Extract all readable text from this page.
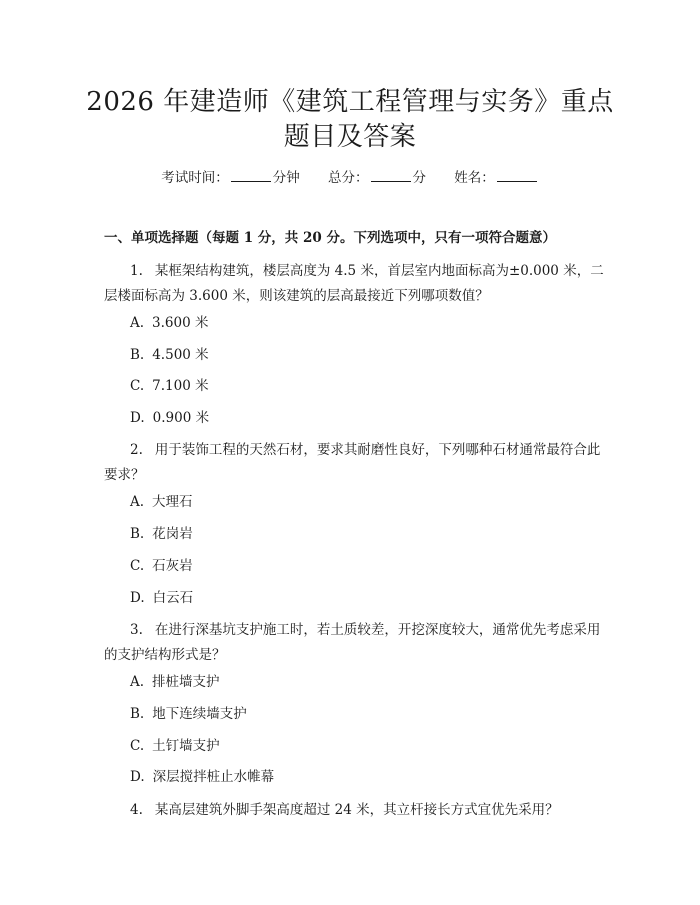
2026 年建造师《建筑工程管理与实务》重点
题目及答案
考试时间：	分钟 总分：	分 姓名：
一、单项选择题（每题 1 分，共 20 分。下列选项中，只有一项符合题意）

1. 某框架结构建筑，楼层高度为 4.5 米，首层室内地面标高为±0.000 米，二层楼面标高为 3.600 米，则该建筑的层高最接近下列哪项数值？

A. 3.600 米
B. 4.500 米
C. 7.100 米
D. 0.900 米

2. 用于装饰工程的天然石材，要求其耐磨性良好，下列哪种石材通常最符合此要求？

A. 大理石
B. 花岗岩
C. 石灰岩
D. 白云石

3. 在进行深基坑支护施工时，若土质较差，开挖深度较大，通常优先考虑采用的支护结构形式是？

A. 排桩墙支护
B. 地下连续墙支护
C. 土钉墙支护
D. 深层搅拌桩止水帷幕

4. 某高层建筑外脚手架高度超过 24 米，其立杆接长方式宜优先采用？
